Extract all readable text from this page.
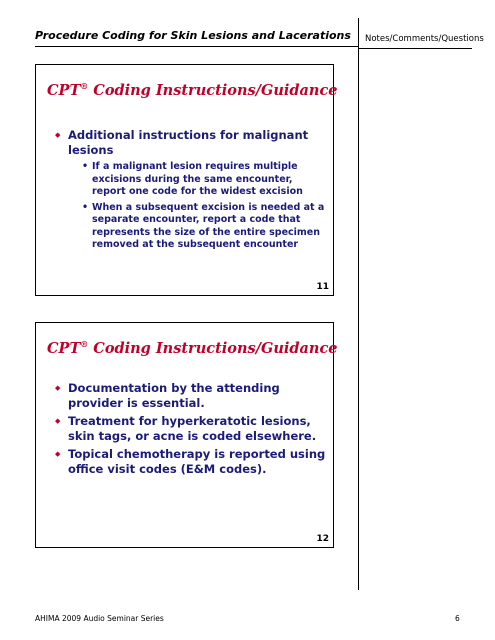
Procedure Coding for Skin Lesions and Lacerations Notes/Comments/Questions
CPT® Coding Instructions/Guidance
◆ Additional instructions for malignant lesions
• If a malignant lesion requires multiple excisions during the same encounter, report one code for the widest excision
• When a subsequent excision is needed at a separate encounter, report a code that represents the size of the entire specimen removed at the subsequent encounter
11
CPT® Coding Instructions/Guidance
◆ Documentation by the attending provider is essential.
◆ Treatment for hyperkeratotic lesions, skin tags, or acne is coded elsewhere.
◆ Topical chemotherapy is reported using office visit codes (E&M codes).
12
AHIMA 2009 Audio Seminar Series	6
